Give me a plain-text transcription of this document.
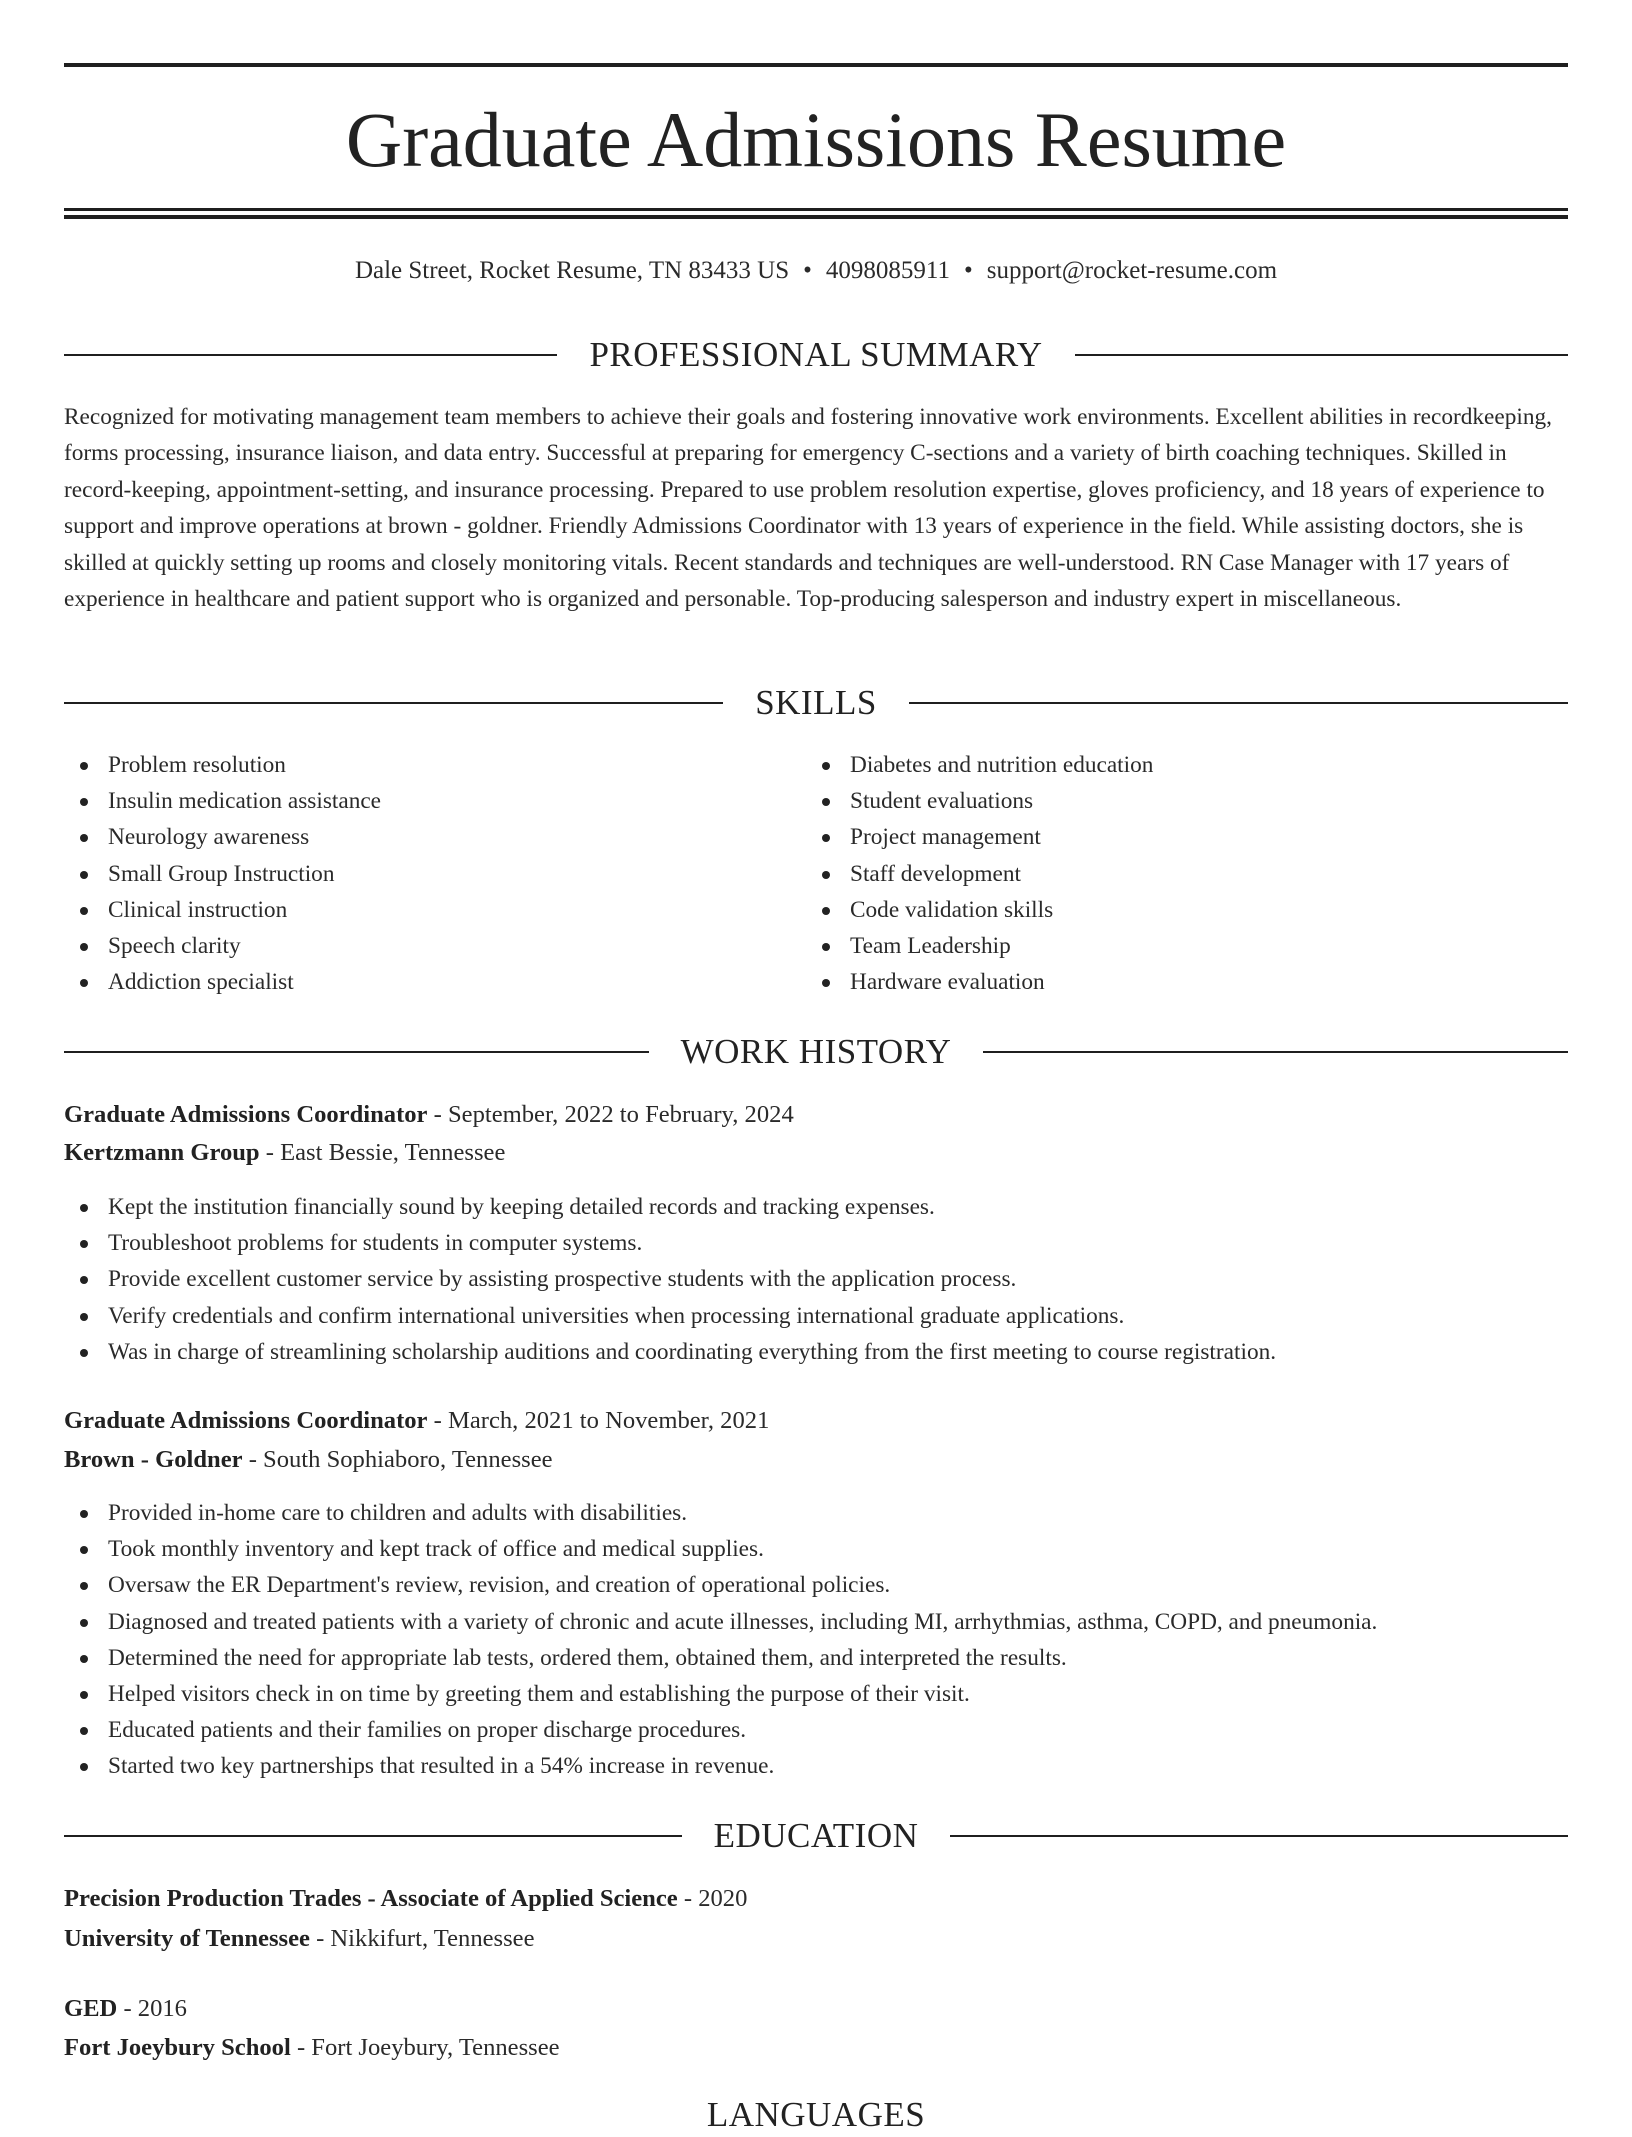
Graduate Admissions Resume
Dale Street, Rocket Resume, TN 83433 US • 4098085911 • support@rocket-resume.com
PROFESSIONAL SUMMARY

Recognized for motivating management team members to achieve their goals and fostering innovative work environments. Excellent abilities in recordkeeping, forms processing, insurance liaison, and data entry. Successful at preparing for emergency C-sections and a variety of birth coaching techniques. Skilled in record-keeping, appointment-setting, and insurance processing. Prepared to use problem resolution expertise, gloves proficiency, and 18 years of experience to support and improve operations at brown - goldner. Friendly Admissions Coordinator with 13 years of experience in the field. While assisting doctors, she is skilled at quickly setting up rooms and closely monitoring vitals. Recent standards and techniques are well-understood. RN Case Manager with 17 years of experience in healthcare and patient support who is organized and personable. Top-producing salesperson and industry expert in miscellaneous.

SKILLS
Problem resolution
Insulin medication assistance
Neurology awareness
Small Group Instruction
Clinical instruction
Speech clarity
Addiction specialist
Diabetes and nutrition education
Student evaluations
Project management
Staff development
Code validation skills
Team Leadership
Hardware evaluation
WORK HISTORY
Graduate Admissions Coordinator - September, 2022 to February, 2024
Kertzmann Group - East Bessie, Tennessee
Kept the institution financially sound by keeping detailed records and tracking expenses.
Troubleshoot problems for students in computer systems.
Provide excellent customer service by assisting prospective students with the application process.
Verify credentials and confirm international universities when processing international graduate applications.
Was in charge of streamlining scholarship auditions and coordinating everything from the first meeting to course registration.
Graduate Admissions Coordinator - March, 2021 to November, 2021
Brown - Goldner - South Sophiaboro, Tennessee
Provided in-home care to children and adults with disabilities.
Took monthly inventory and kept track of office and medical supplies.
Oversaw the ER Department's review, revision, and creation of operational policies.
Diagnosed and treated patients with a variety of chronic and acute illnesses, including MI, arrhythmias, asthma, COPD, and pneumonia.
Determined the need for appropriate lab tests, ordered them, obtained them, and interpreted the results.
Helped visitors check in on time by greeting them and establishing the purpose of their visit.
Educated patients and their families on proper discharge procedures.
Started two key partnerships that resulted in a 54% increase in revenue.
EDUCATION
Precision Production Trades - Associate of Applied Science - 2020
University of Tennessee - Nikkifurt, Tennessee
GED - 2016
Fort Joeybury School - Fort Joeybury, Tennessee
LANGUAGES
